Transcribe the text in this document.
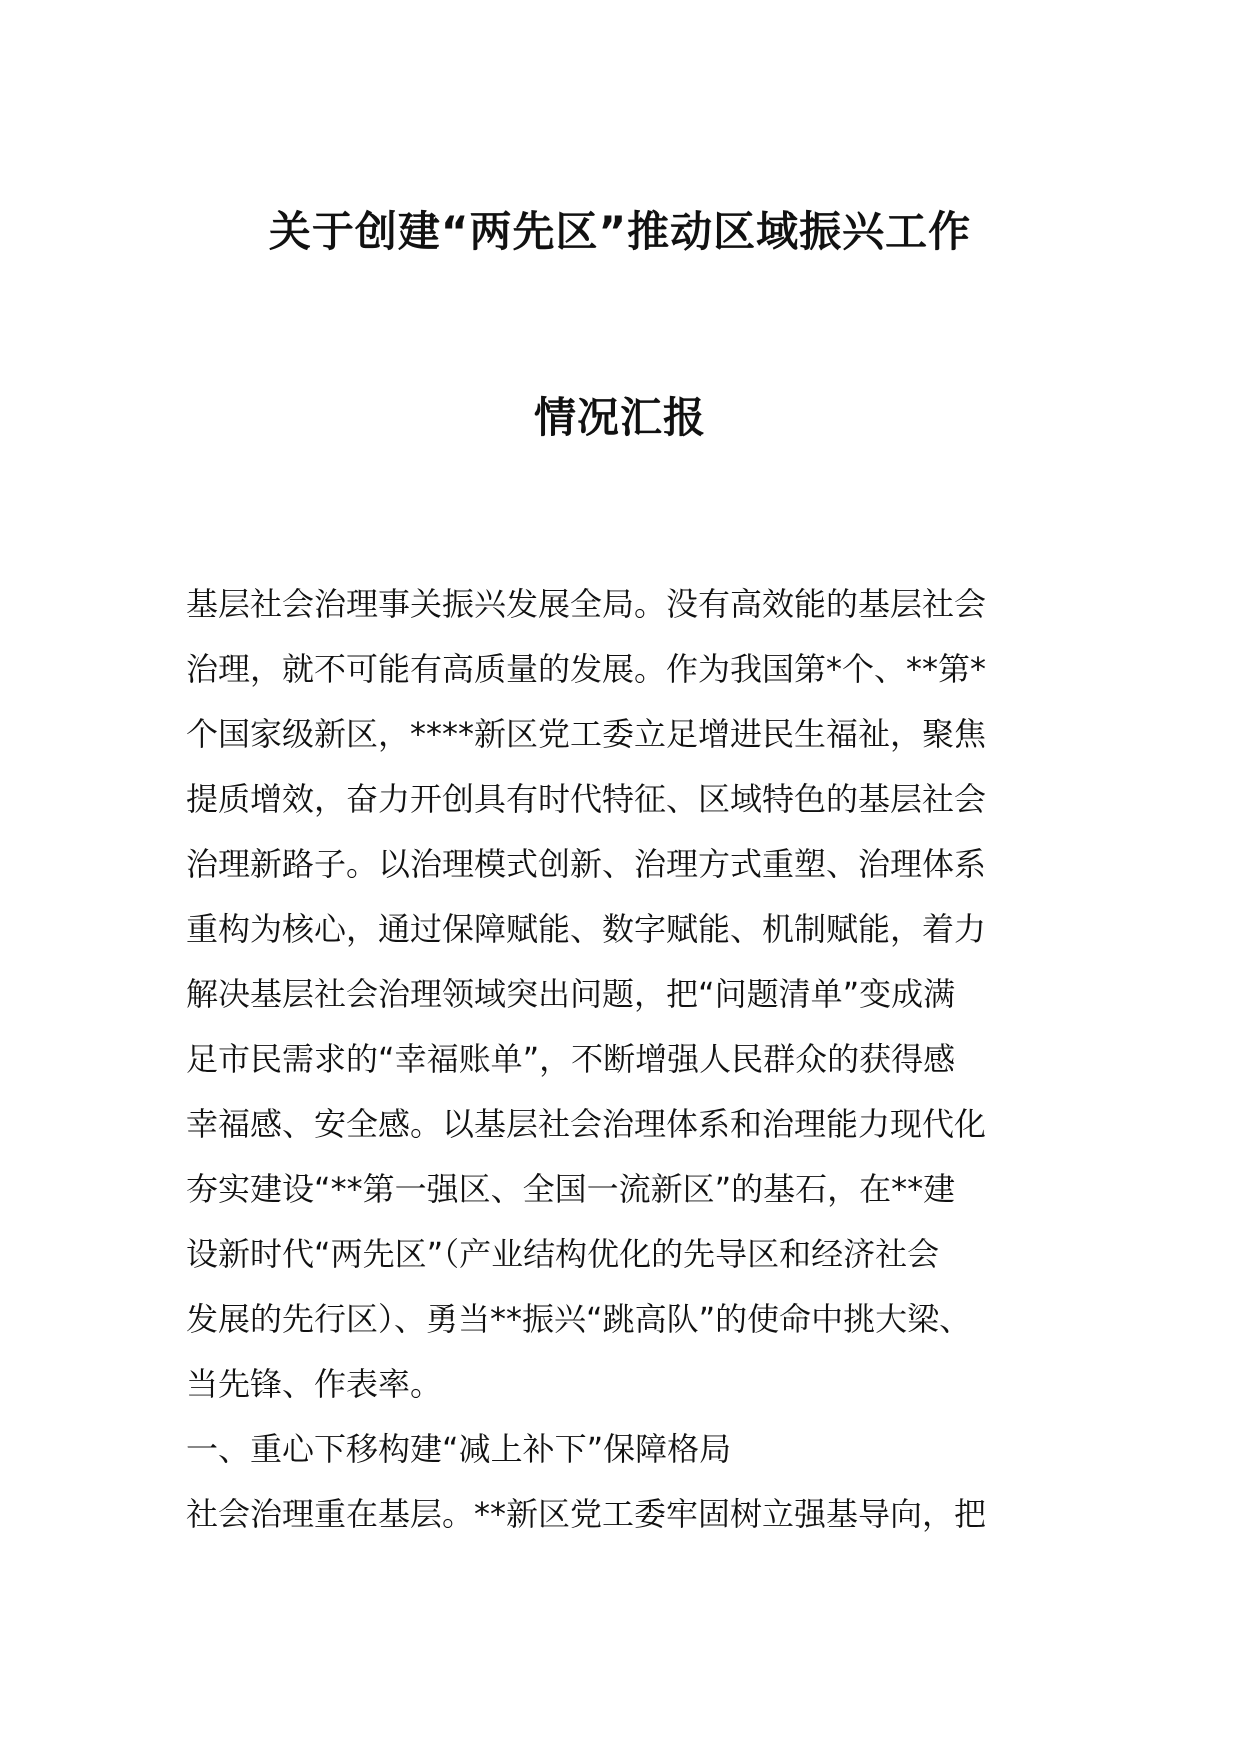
关于创建“两先区”推动区域振兴工作
情况汇报
基层社会治理事关振兴发展全局。没有高效能的基层社会
治理，就不可能有高质量的发展。作为我国第*个、**第*
个国家级新区，****新区党工委立足增进民生福祉，聚焦
提质增效，奋力开创具有时代特征、区域特色的基层社会
治理新路子。以治理模式创新、治理方式重塑、治理体系
重构为核心，通过保障赋能、数字赋能、机制赋能，着力
解决基层社会治理领域突出问题，把“问题清单”变成满
足市民需求的“幸福账单”，不断增强人民群众的获得感
幸福感、安全感。以基层社会治理体系和治理能力现代化
夯实建设“**第一强区、全国一流新区”的基石，在**建
设新时代“两先区”（产业结构优化的先导区和经济社会
发展的先行区）、勇当**振兴“跳高队”的使命中挑大梁、
当先锋、作表率。
一、重心下移构建“减上补下”保障格局
社会治理重在基层。**新区党工委牢固树立强基导向，把
